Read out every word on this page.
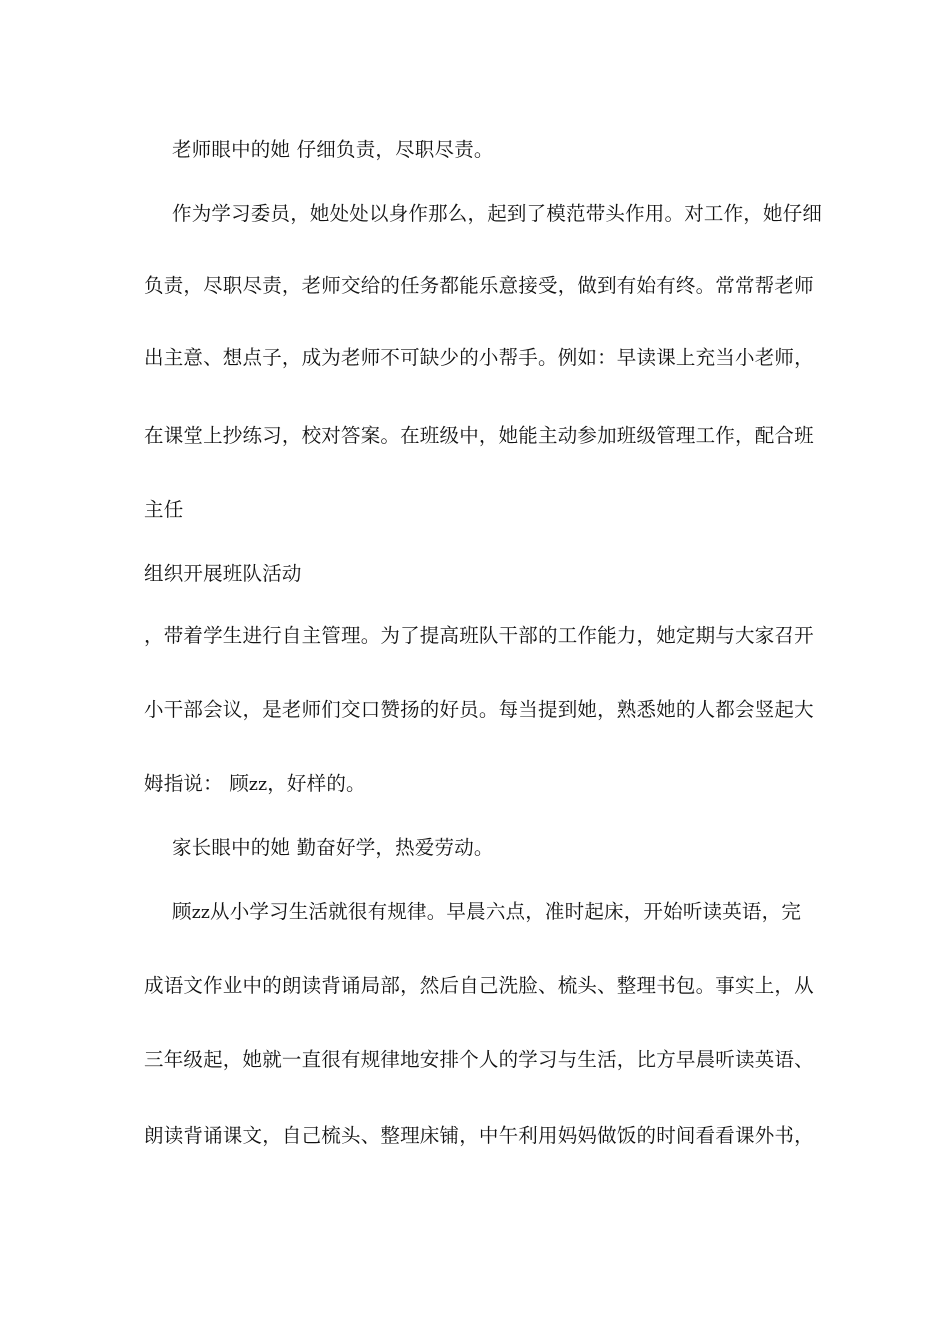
老师眼中的她 仔细负责，尽职尽责。
作为学习委员，她处处以身作那么，起到了模范带头作用。对工作，她仔细
负责，尽职尽责，老师交给的任务都能乐意接受，做到有始有终。常常帮老师
出主意、想点子，成为老师不可缺少的小帮手。例如：早读课上充当小老师，
在课堂上抄练习，校对答案。在班级中，她能主动参加班级管理工作，配合班
主任
组织开展班队活动
，带着学生进行自主管理。为了提高班队干部的工作能力，她定期与大家召开
小干部会议，是老师们交口赞扬的好员。每当提到她，熟悉她的人都会竖起大
姆指说： 顾zz，好样的。
家长眼中的她 勤奋好学，热爱劳动。
顾zz从小学习生活就很有规律。早晨六点，准时起床，开始听读英语，完
成语文作业中的朗读背诵局部，然后自己洗脸、梳头、整理书包。事实上，从
三年级起，她就一直很有规律地安排个人的学习与生活，比方早晨听读英语、
朗读背诵课文，自己梳头、整理床铺，中午利用妈妈做饭的时间看看课外书，
